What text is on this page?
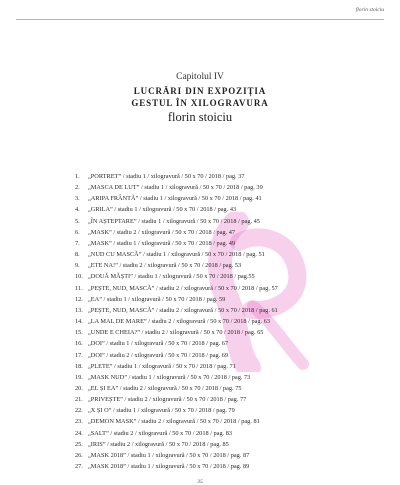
florin stoiciu
Capitolul IV
LUCRĂRI DIN EXPOZIȚIA
GESTUL ÎN XILOGRAVURA
florin stoiciu
1. „PORTRET” / stadiu 1 / xilogravură / 50 x 70 / 2018 / pag. 37
2. „MASCA DE LUT” / stadiu 1 / xilogravură / 50 x 70 / 2018 / pag. 39
3. „ARIPA FRÂNTĂ” / stadiu 1 / xilogravură / 50 x 70 / 2018 / pag. 41
4. „GRILA” / stadiu 1 / xilogravură / 50 x 70 / 2018 / pag. 43
5. „ÎN AȘTEPTARE” / stadiu 1 / xilogravură / 50 x 70 / 2018 / pag. 45
6. „MASK” / stadiu 2 / xilogravură / 50 x 70 / 2018 / pag. 47
7. „MASK” / stadiu 1 / xilogravură / 50 x 70 / 2018 / pag. 49
8. „NUD CU MASCĂ” / stadiu 1 / xilogravură / 50 x 70 / 2018 / pag. 51
9. „ETE NA!” / stadiu 2 / xilogravură / 50 x 70 / 2018 / pag. 53
10. „DOUĂ MĂȘTI” / stadiu 1 / xilogravură / 50 x 70 / 2018 / pag.55
11. „PEȘTE, NUD, MASCĂ” / stadiu 2 / xilogravură / 50 x 70 / 2018 / pag. 57
12. „EA” / stadiu 1 / xilogravură / 50 x 70 / 2018 / pag. 59
13. „PEȘTE, NUD, MASCĂ” / stadiu 2 / xilogravură / 50 x 70 / 2018 / pag. 61
14. „LA MAL DE MARE” / stadiu 2 / xilogravură / 50 x 70 / 2018 / pag. 63
15. „UNDE E CHEIA?” / stadiu 2 / xilogravură / 50 x 70 / 2018 / pag. 65
16. „DOI” / stadiu 1 / xilogravură / 50 x 70 / 2018 / pag. 67
17. „DOI” / stadiu 2 / xilogravură / 50 x 70 / 2018 / pag. 69
18. „PLETE” / stadiu 1 / xilogravură / 50 x 70 / 2018 / pag. 71
19. „MASK NUD” / stadiu 1 / xilogravură / 50 x 70 / 2018 / pag. 73
20. „EL ȘI EA” / stadiu 2 / xilogravură / 50 x 70 / 2018 / pag. 75
21. „PRIVEȘTE” / stadiu 2 / xilogravură / 50 x 70 / 2018 / pag. 77
22. „X ȘI O” / stadiu 1 / xilogravură / 50 x 70 / 2018 / pag. 79
23. „DEMON MASK” / stadiu 2 / xilogravură / 50 x 70 / 2018 / pag. 81
24. „SALT” / stadiu 2 / xilogravură / 50 x 70 / 2018 / pag. 83
25. „IRIS” / stadiu 2 / xilogravură / 50 x 70 / 2018 / pag. 85
26. „MASK 2018” / stadiu 1 / xilogravură / 50 x 70 / 2018 / pag. 87
27. „MASK 2018” / stadiu 1 / xilogravură / 50 x 70 / 2018 / pag. 89
35
